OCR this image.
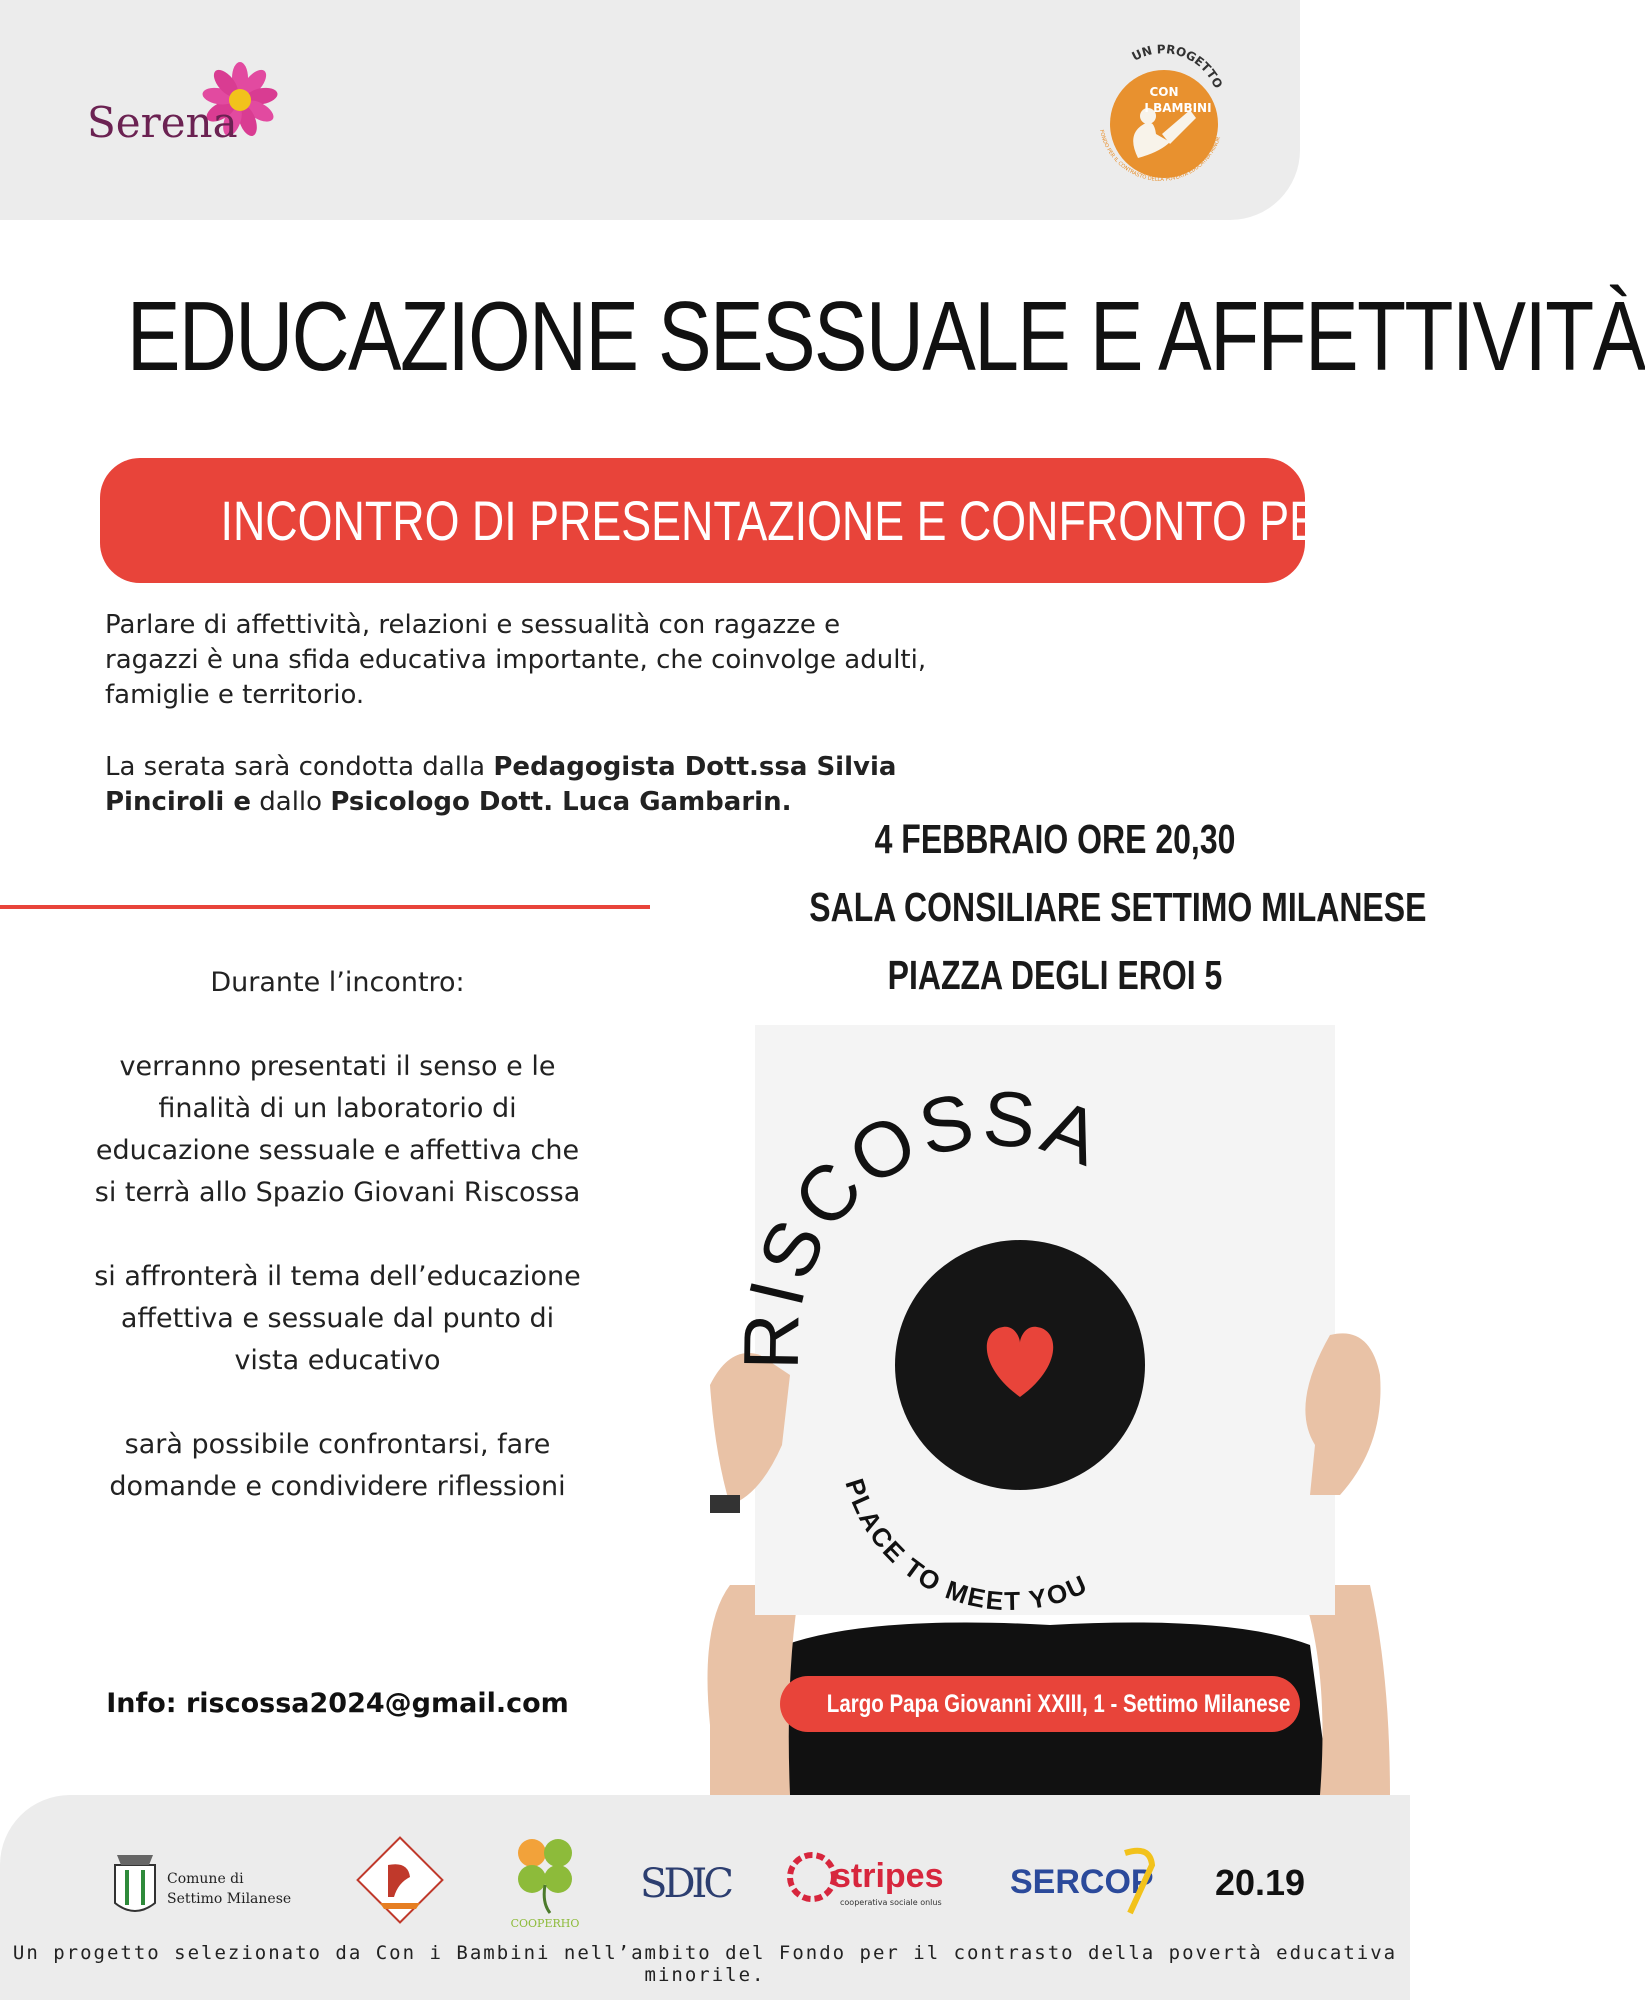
Serena
UN PROGETTO
CON
I BAMBINI
FONDO PER IL CONTRASTO DELLA POVERTÀ EDUCATIVA MINOR
EDUCAZIONE SESSUALE E AFFETTIVITÀ
INCONTRO DI PRESENTAZIONE E CONFRONTO PER GENITORI

Parlare di affettività, relazioni e sessualità con ragazze e ragazzi è una sfida educativa importante, che coinvolge adulti, famiglie e territorio.

La serata sarà condotta dalla Pedagogista Dott.ssa Silvia Pinciroli e dallo Psicologo Dott. Luca Gambarin.
4 FEBBRAIO ORE 20,30
SALA CONSILIARE SETTIMO MILANESE
PIAZZA DEGLI EROI 5

Durante l’incontro:

verranno presentati il senso e le finalità di un laboratorio di educazione sessuale e affettiva che si terrà allo Spazio Giovani Riscossa

si affronterà il tema dell’educazione affettiva e sessuale dal punto di vista educativo

sarà possibile confrontarsi, fare domande e condividere riflessioni

Info: riscossa2024@gmail.com
RISCOSSA
PLACE TO MEET YOU
Largo Papa Giovanni XXIII, 1 - Settimo Milanese
Comune di
Settimo Milanese
COOPERHO
SDIC	stripes
cooperativa sociale onlus
SERCOP 20.19
Un progetto selezionato da Con i Bambini nell’ambito del Fondo per il contrasto della povertà educativa minorile.
